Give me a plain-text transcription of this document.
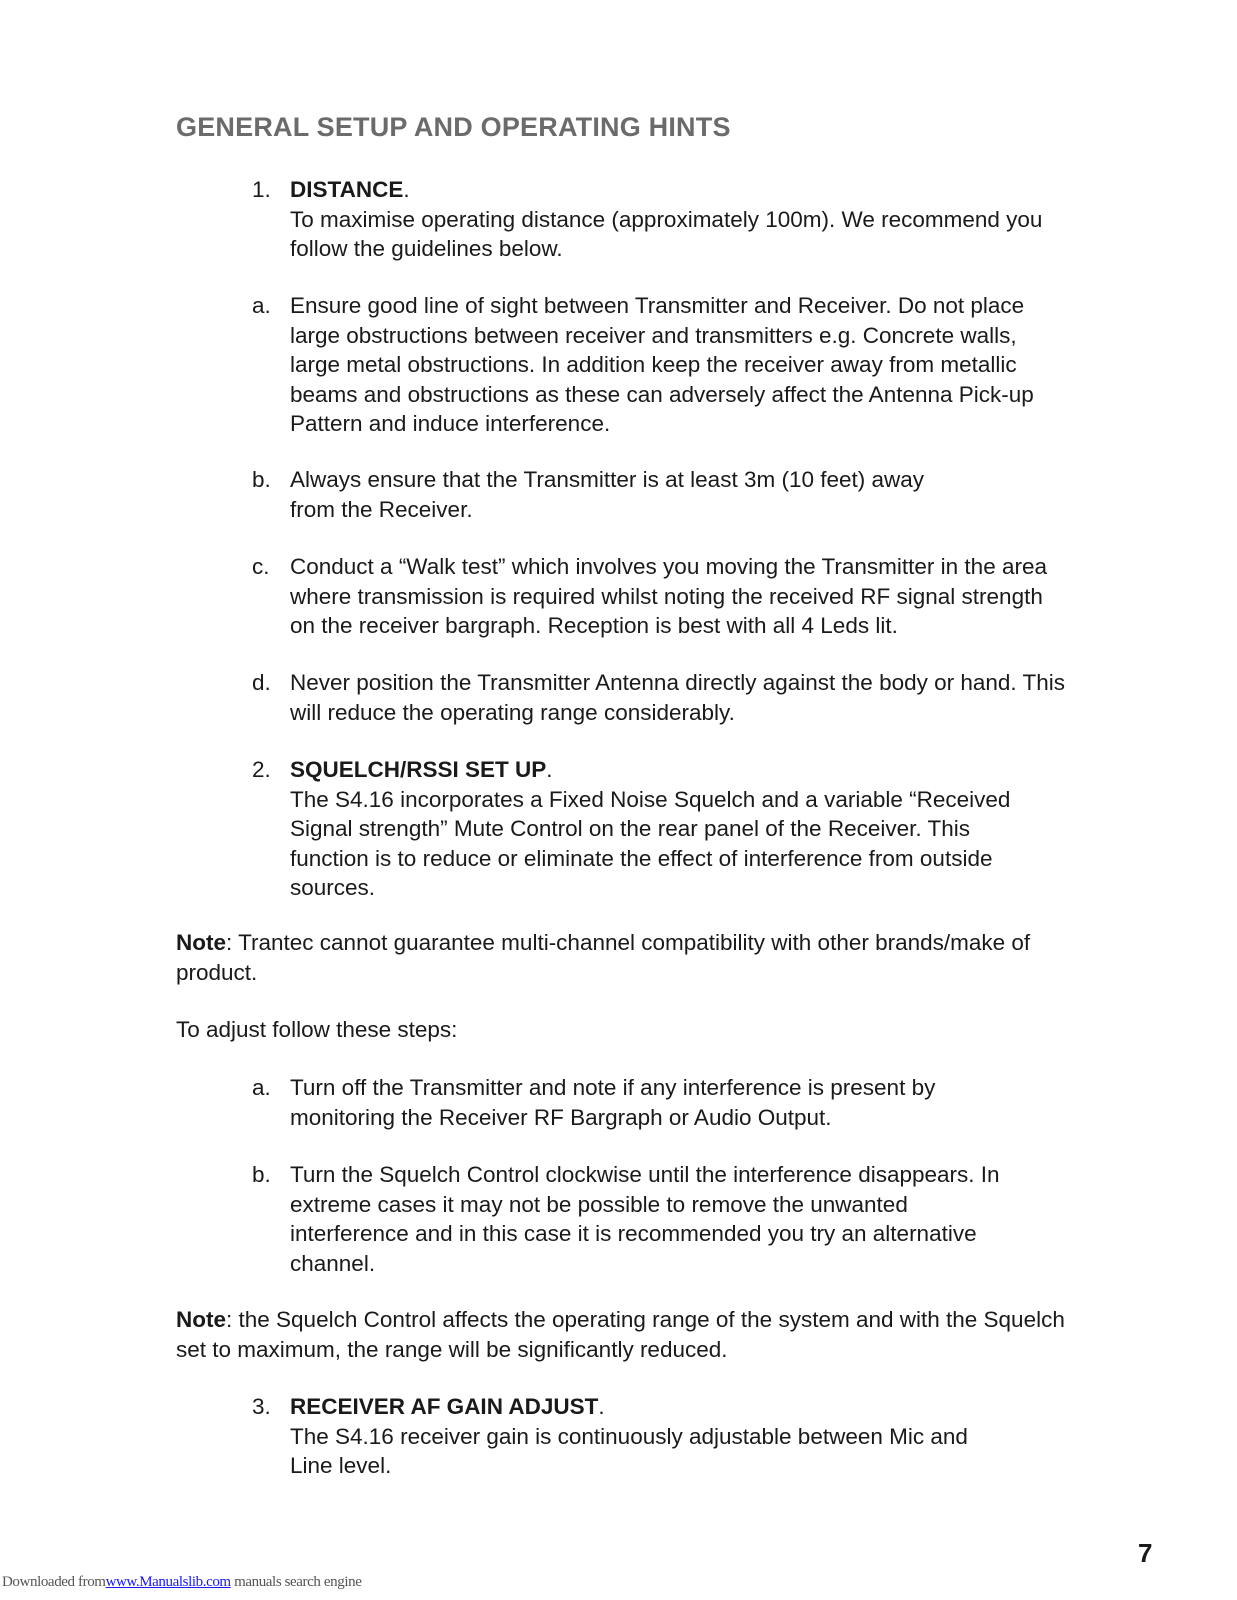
GENERAL SETUP AND OPERATING HINTS
1. DISTANCE.
To maximise operating distance (approximately 100m). We recommend you follow the guidelines below.
a. Ensure good line of sight between Transmitter and Receiver. Do not place large obstructions between receiver and transmitters e.g. Concrete walls, large metal obstructions. In addition keep the receiver away from metallic beams and obstructions as these can adversely affect the Antenna Pick-up Pattern and induce interference.
b. Always ensure that the Transmitter is at least 3m (10 feet) away from the Receiver.
c. Conduct a “Walk test” which involves you moving the Transmitter in the area where transmission is required whilst noting the received RF signal strength on the receiver bargraph. Reception is best with all 4 Leds lit.
d. Never position the Transmitter Antenna directly against the body or hand. This will reduce the operating range considerably.
2. SQUELCH/RSSI SET UP.
The S4.16 incorporates a Fixed Noise Squelch and a variable “Received Signal strength” Mute Control on the rear panel of the Receiver. This function is to reduce or eliminate the effect of interference from outside sources.

Note: Trantec cannot guarantee multi-channel compatibility with other brands/make of product.

To adjust follow these steps:

a. Turn off the Transmitter and note if any interference is present by monitoring the Receiver RF Bargraph or Audio Output.
b. Turn the Squelch Control clockwise until the interference disappears. In extreme cases it may not be possible to remove the unwanted interference and in this case it is recommended you try an alternative channel.

Note: the Squelch Control affects the operating range of the system and with the Squelch set to maximum, the range will be significantly reduced.

3. RECEIVER AF GAIN ADJUST.
The S4.16 receiver gain is continuously adjustable between Mic and Line level.
7
Downloaded fromwww.Manualslib.com manuals search engine
